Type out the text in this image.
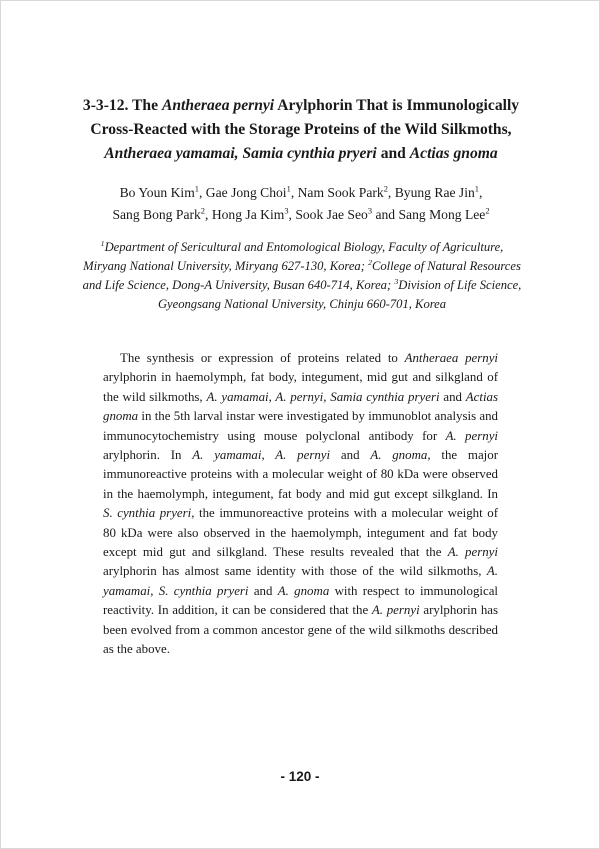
3-3-12. The Antheraea pernyi Arylphorin That is Immunologically
Cross-Reacted with the Storage Proteins of the Wild Silkmoths,
Antheraea yamamai, Samia cynthia pryeri and Actias gnoma
Bo Youn Kim$^1$, Gae Jong Choi$^1$, Nam Sook Park$^2$, Byung Rae Jin$^1$,
Sang Bong Park$^2$, Hong Ja Kim$^3$, Sook Jae Seo$^3$ and Sang Mong Lee$^2$
$^1$Department of Sericultural and Entomological Biology, Faculty of Agriculture, Miryang National University, Miryang 627-130, Korea; $^2$College of Natural Resources and Life Science, Dong-A University, Busan 640-714, Korea; $^3$Division of Life Science, Gyeongsang National University, Chinju 660-701, Korea
The synthesis or expression of proteins related to Antheraea pernyi arylphorin in haemolymph, fat body, integument, mid gut and silkgland of the wild silkmoths, A. yamamai, A. pernyi, Samia cynthia pryeri and Actias gnoma in the 5th larval instar were investigated by immunoblot analysis and immunocytochemistry using mouse polyclonal antibody for A. pernyi arylphorin. In A. yamamai, A. pernyi and A. gnoma, the major immunoreactive proteins with a molecular weight of 80 kDa were observed in the haemolymph, integument, fat body and mid gut except silkgland. In S. cynthia pryeri, the immunoreactive proteins with a molecular weight of 80 kDa were also observed in the haemolymph, integument and fat body except mid gut and silkgland. These results revealed that the A. pernyi arylphorin has almost same identity with those of the wild silkmoths, A. yamamai, S. cynthia pryeri and A. gnoma with respect to immunological reactivity. In addition, it can be considered that the A. pernyi arylphorin has been evolved from a common ancestor gene of the wild silkmoths described as the above.
- 120 -
